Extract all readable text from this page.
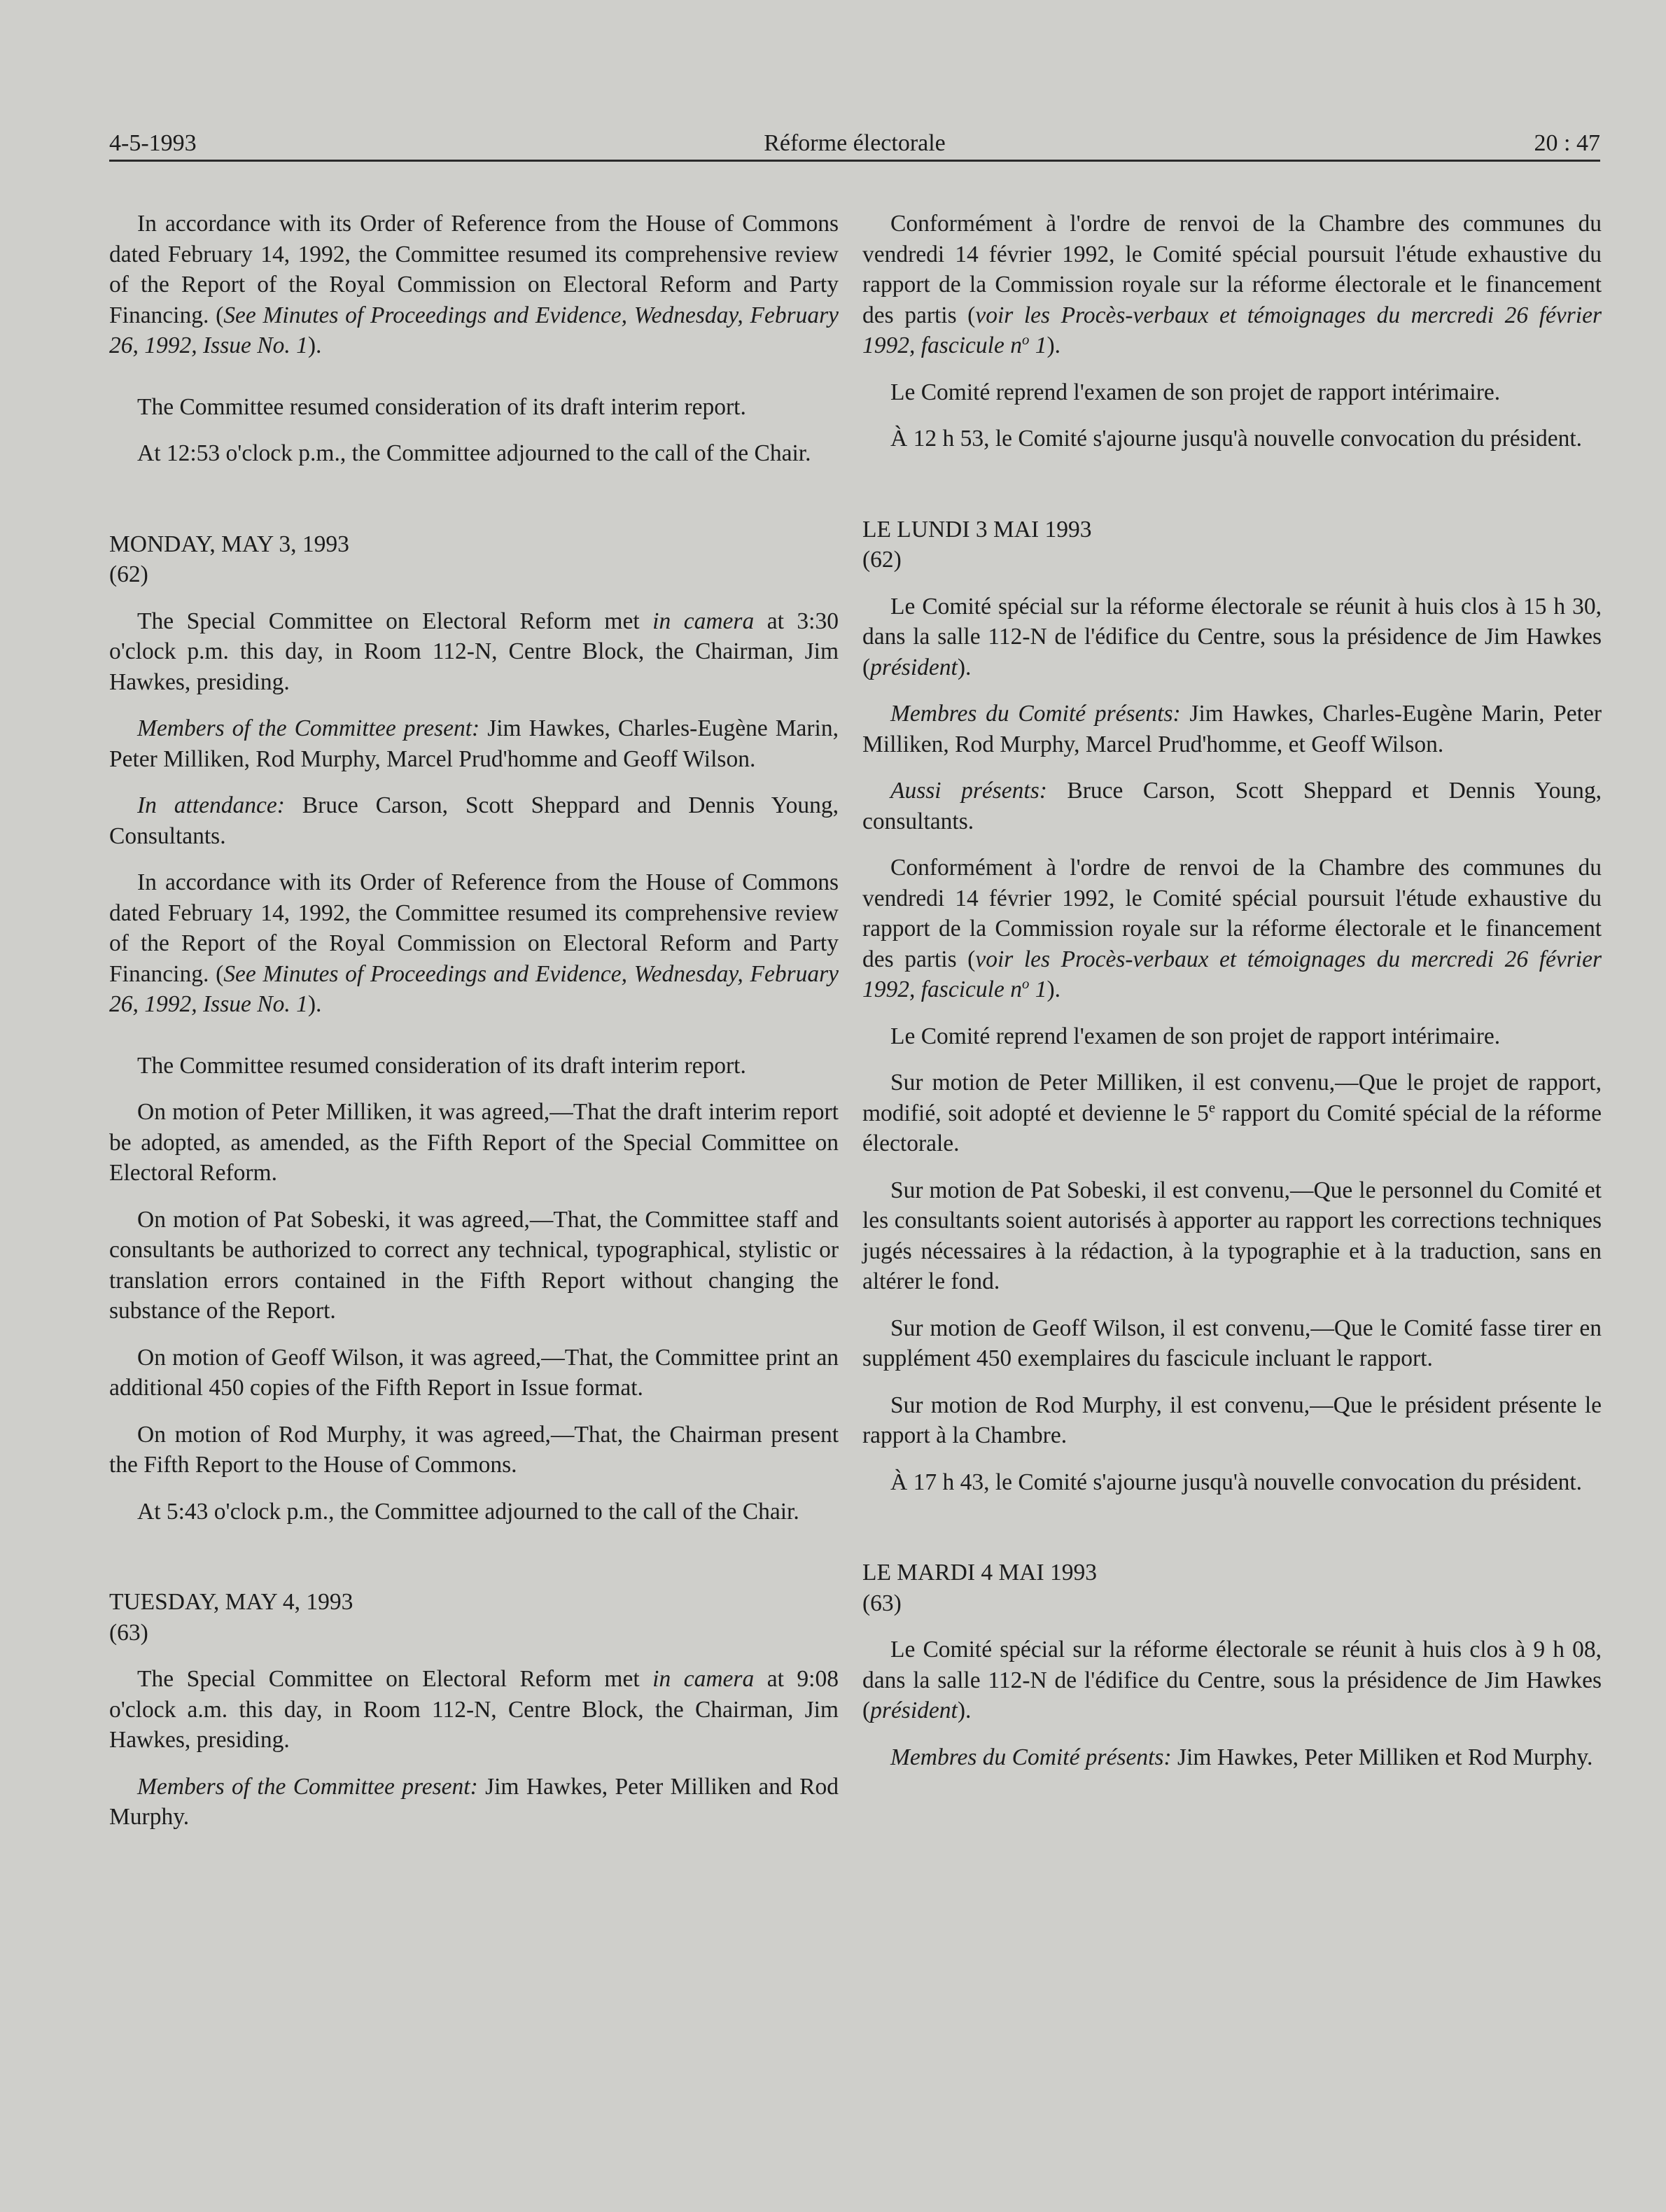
4-5-1993	Réforme électorale	20 : 47

In accordance with its Order of Reference from the House of Commons dated February 14, 1992, the Committee resumed its comprehensive review of the Report of the Royal Commission on Electoral Reform and Party Financing. (See Minutes of Proceedings and Evidence, Wednesday, February 26, 1992, Issue No. 1).

The Committee resumed consideration of its draft interim report.

At 12:53 o'clock p.m., the Committee adjourned to the call of the Chair.

MONDAY, MAY 3, 1993
(62)

The Special Committee on Electoral Reform met in camera at 3:30 o'clock p.m. this day, in Room 112-N, Centre Block, the Chairman, Jim Hawkes, presiding.

Members of the Committee present: Jim Hawkes, Charles-Eugène Marin, Peter Milliken, Rod Murphy, Marcel Prud'homme and Geoff Wilson.

In attendance: Bruce Carson, Scott Sheppard and Dennis Young, Consultants.

In accordance with its Order of Reference from the House of Commons dated February 14, 1992, the Committee resumed its comprehensive review of the Report of the Royal Commission on Electoral Reform and Party Financing. (See Minutes of Proceedings and Evidence, Wednesday, February 26, 1992, Issue No. 1).

The Committee resumed consideration of its draft interim report.

On motion of Peter Milliken, it was agreed,—That the draft interim report be adopted, as amended, as the Fifth Report of the Special Committee on Electoral Reform.

On motion of Pat Sobeski, it was agreed,—That, the Committee staff and consultants be authorized to correct any technical, typographical, stylistic or translation errors contained in the Fifth Report without changing the substance of the Report.

On motion of Geoff Wilson, it was agreed,—That, the Committee print an additional 450 copies of the Fifth Report in Issue format.

On motion of Rod Murphy, it was agreed,—That, the Chairman present the Fifth Report to the House of Commons.

At 5:43 o'clock p.m., the Committee adjourned to the call of the Chair.

TUESDAY, MAY 4, 1993
(63)

The Special Committee on Electoral Reform met in camera at 9:08 o'clock a.m. this day, in Room 112-N, Centre Block, the Chairman, Jim Hawkes, presiding.

Members of the Committee present: Jim Hawkes, Peter Milliken and Rod Murphy.

Conformément à l'ordre de renvoi de la Chambre des communes du vendredi 14 février 1992, le Comité spécial poursuit l'étude exhaustive du rapport de la Commission royale sur la réforme électorale et le financement des partis (voir les Procès-verbaux et témoignages du mercredi 26 février 1992, fascicule $n^o$ 1).

Le Comité reprend l'examen de son projet de rapport intérimaire.

À 12 h 53, le Comité s'ajourne jusqu'à nouvelle convocation du président.

LE LUNDI 3 MAI 1993
(62)

Le Comité spécial sur la réforme électorale se réunit à huis clos à 15 h 30, dans la salle 112-N de l'édifice du Centre, sous la présidence de Jim Hawkes (président).

Membres du Comité présents: Jim Hawkes, Charles-Eugène Marin, Peter Milliken, Rod Murphy, Marcel Prud'homme, et Geoff Wilson.

Aussi présents: Bruce Carson, Scott Sheppard et Dennis Young, consultants.

Conformément à l'ordre de renvoi de la Chambre des communes du vendredi 14 février 1992, le Comité spécial poursuit l'étude exhaustive du rapport de la Commission royale sur la réforme électorale et le financement des partis (voir les Procès-verbaux et témoignages du mercredi 26 février 1992, fascicule $n^o$ 1).

Le Comité reprend l'examen de son projet de rapport intérimaire.

Sur motion de Peter Milliken, il est convenu,—Que le projet de rapport, modifié, soit adopté et devienne le 5e rapport du Comité spécial de la réforme électorale.

Sur motion de Pat Sobeski, il est convenu,—Que le personnel du Comité et les consultants soient autorisés à apporter au rapport les corrections techniques jugés nécessaires à la rédaction, à la typographie et à la traduction, sans en altérer le fond.

Sur motion de Geoff Wilson, il est convenu,—Que le Comité fasse tirer en supplément 450 exemplaires du fascicule incluant le rapport.

Sur motion de Rod Murphy, il est convenu,—Que le président présente le rapport à la Chambre.

À 17 h 43, le Comité s'ajourne jusqu'à nouvelle convocation du président.

LE MARDI 4 MAI 1993
(63)

Le Comité spécial sur la réforme électorale se réunit à huis clos à 9 h 08, dans la salle 112-N de l'édifice du Centre, sous la présidence de Jim Hawkes (président).

Membres du Comité présents: Jim Hawkes, Peter Milliken et Rod Murphy.
